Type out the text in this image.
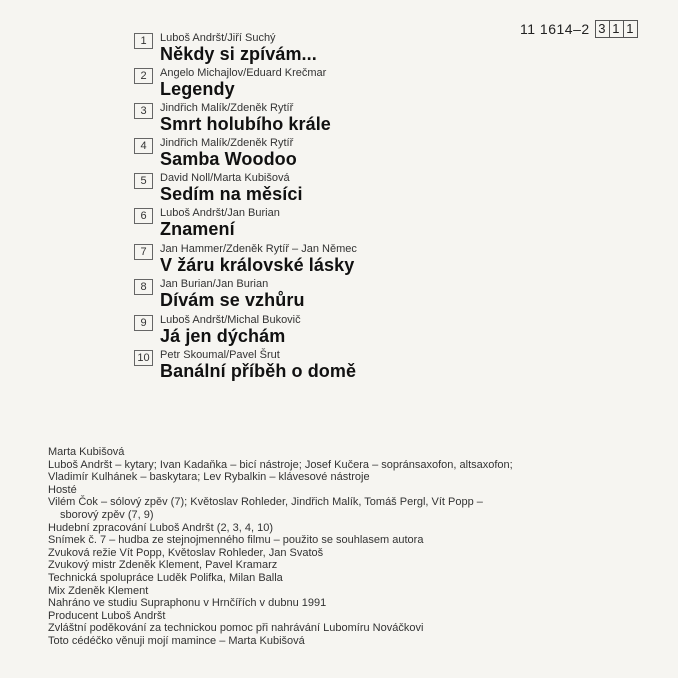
11 1614–2 3 1 1
1	Luboš Andršt/Jiří Suchý
Někdy si zpívám...
2	Angelo Michajlov/Eduard Krečmar
Legendy
3	Jindřich Malík/Zdeněk Rytíř
Smrt holubího krále
4	Jindřich Malík/Zdeněk Rytíř
Samba Woodoo
5	David Noll/Marta Kubišová
Sedím na měsíci
6	Luboš Andršt/Jan Burian
Znamení
7	Jan Hammer/Zdeněk Rytíř – Jan Němec
V žáru královské lásky
8	Jan Burian/Jan Burian
Dívám se vzhůru
9	Luboš Andršt/Michal Bukovič
Já jen dýchám
10 Petr Skoumal/Pavel Šrut
Banální příběh o domě
Marta Kubišová
Luboš Andršt – kytary; Ivan Kadaňka – bicí nástroje; Josef Kučera – sopránsaxofon, altsaxofon;
Vladimír Kulhánek – baskytara; Lev Rybalkin – klávesové nástroje
Hosté
Vilém Čok – sólový zpěv (7); Květoslav Rohleder, Jindřich Malík, Tomáš Pergl, Vít Popp –
sborový zpěv (7, 9)
Hudební zpracování Luboš Andršt (2, 3, 4, 10)
Snímek č. 7 – hudba ze stejnojmenného filmu – použito se souhlasem autora
Zvuková režie Vít Popp, Květoslav Rohleder, Jan Svatoš
Zvukový mistr Zdeněk Klement, Pavel Kramarz
Technická spolupráce Luděk Polifka, Milan Balla
Mix Zdeněk Klement
Nahráno ve studiu Supraphonu v Hrnčířích v dubnu 1991
Producent Luboš Andršt
Zvláštní poděkování za technickou pomoc při nahrávání Lubomíru Nováčkovi
Toto cédéčko věnuji mojí mamince – Marta Kubišová
